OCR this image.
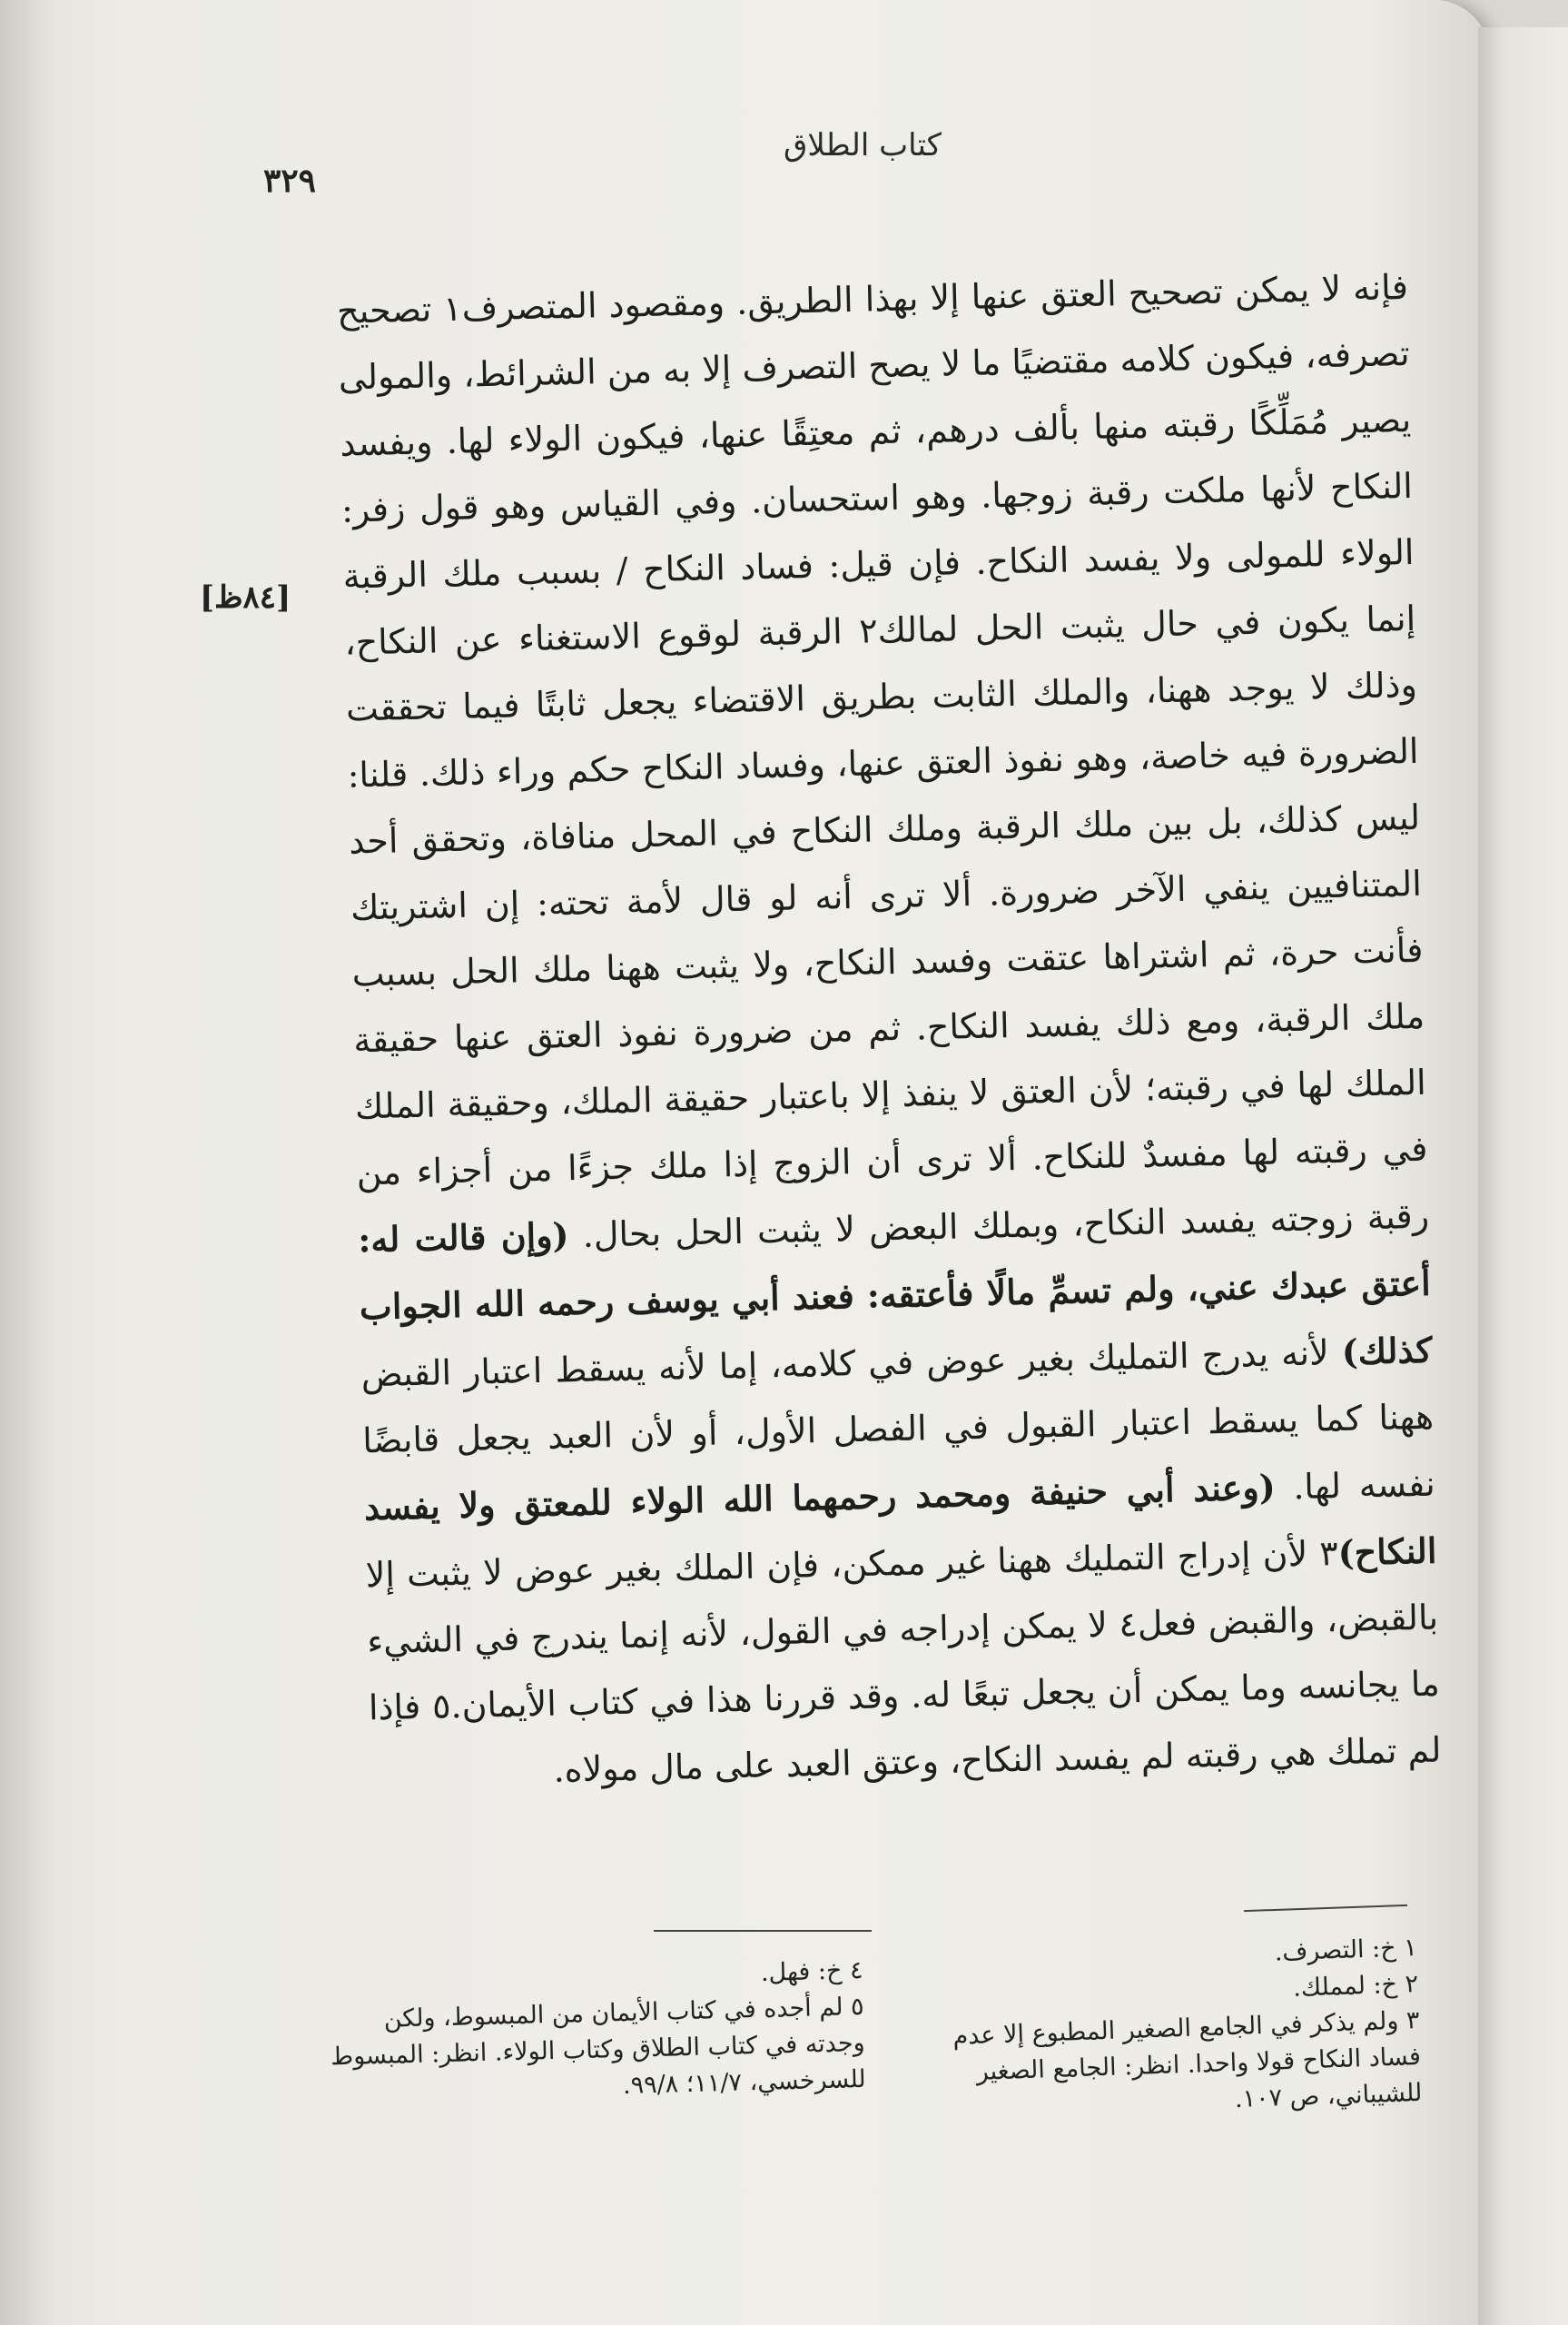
كتاب الطلاق
٣٢٩
[٨٤ظ]

فإنه لا يمكن تصحيح العتق عنها إلا بهذا الطريق. ومقصود المتصرف١ تصحيح تصرفه، فيكون كلامه مقتضيًا ما لا يصح التصرف إلا به من الشرائط، والمولى يصير مُمَلِّكًا رقبته منها بألف درهم، ثم معتِقًا عنها، فيكون الولاء لها. ويفسد النكاح لأنها ملكت رقبة زوجها. وهو استحسان. وفي القياس وهو قول زفر: الولاء للمولى ولا يفسد النكاح. فإن قيل: فساد النكاح / بسبب ملك الرقبة إنما يكون في حال يثبت الحل لمالك٢ الرقبة لوقوع الاستغناء عن النكاح، وذلك لا يوجد ههنا، والملك الثابت بطريق الاقتضاء يجعل ثابتًا فيما تحققت الضرورة فيه خاصة، وهو نفوذ العتق عنها، وفساد النكاح حكم وراء ذلك. قلنا: ليس كذلك، بل بين ملك الرقبة وملك النكاح في المحل منافاة، وتحقق أحد المتنافيين ينفي الآخر ضرورة. ألا ترى أنه لو قال لأمة تحته: إن اشتريتك فأنت حرة، ثم اشتراها عتقت وفسد النكاح، ولا يثبت ههنا ملك الحل بسبب ملك الرقبة، ومع ذلك يفسد النكاح. ثم من ضرورة نفوذ العتق عنها حقيقة الملك لها في رقبته؛ لأن العتق لا ينفذ إلا باعتبار حقيقة الملك، وحقيقة الملك في رقبته لها مفسدٌ للنكاح. ألا ترى أن الزوج إذا ملك جزءًا من أجزاء من رقبة زوجته يفسد النكاح، وبملك البعض لا يثبت الحل بحال. (وإن قالت له: أعتق عبدك عني، ولم تسمِّ مالًا فأعتقه: فعند أبي يوسف رحمه الله الجواب كذلك) لأنه يدرج التمليك بغير عوض في كلامه، إما لأنه يسقط اعتبار القبض ههنا كما يسقط اعتبار القبول في الفصل الأول، أو لأن العبد يجعل قابضًا نفسه لها. (وعند أبي حنيفة ومحمد رحمهما الله الولاء للمعتق ولا يفسد النكاح)٣ لأن إدراج التمليك ههنا غير ممكن، فإن الملك بغير عوض لا يثبت إلا بالقبض، والقبض فعل٤ لا يمكن إدراجه في القول، لأنه إنما يندرج في الشيء ما يجانسه وما يمكن أن يجعل تبعًا له. وقد قررنا هذا في كتاب الأيمان.٥ فإذا لم تملك هي رقبته لم يفسد النكاح، وعتق العبد على مال مولاه.

١ خ: التصرف.

٢ خ: لمملك.

٣ ولم يذكر في الجامع الصغير المطبوع إلا عدم فساد النكاح قولا واحدا. انظر: الجامع الصغير للشيباني، ص ١٠٧.

٤ خ: فهل.

٥ لم أجده في كتاب الأيمان من المبسوط، ولكن وجدته في كتاب الطلاق وكتاب الولاء. انظر: المبسوط للسرخسي، ١١/٧؛ ٩٩/٨.
